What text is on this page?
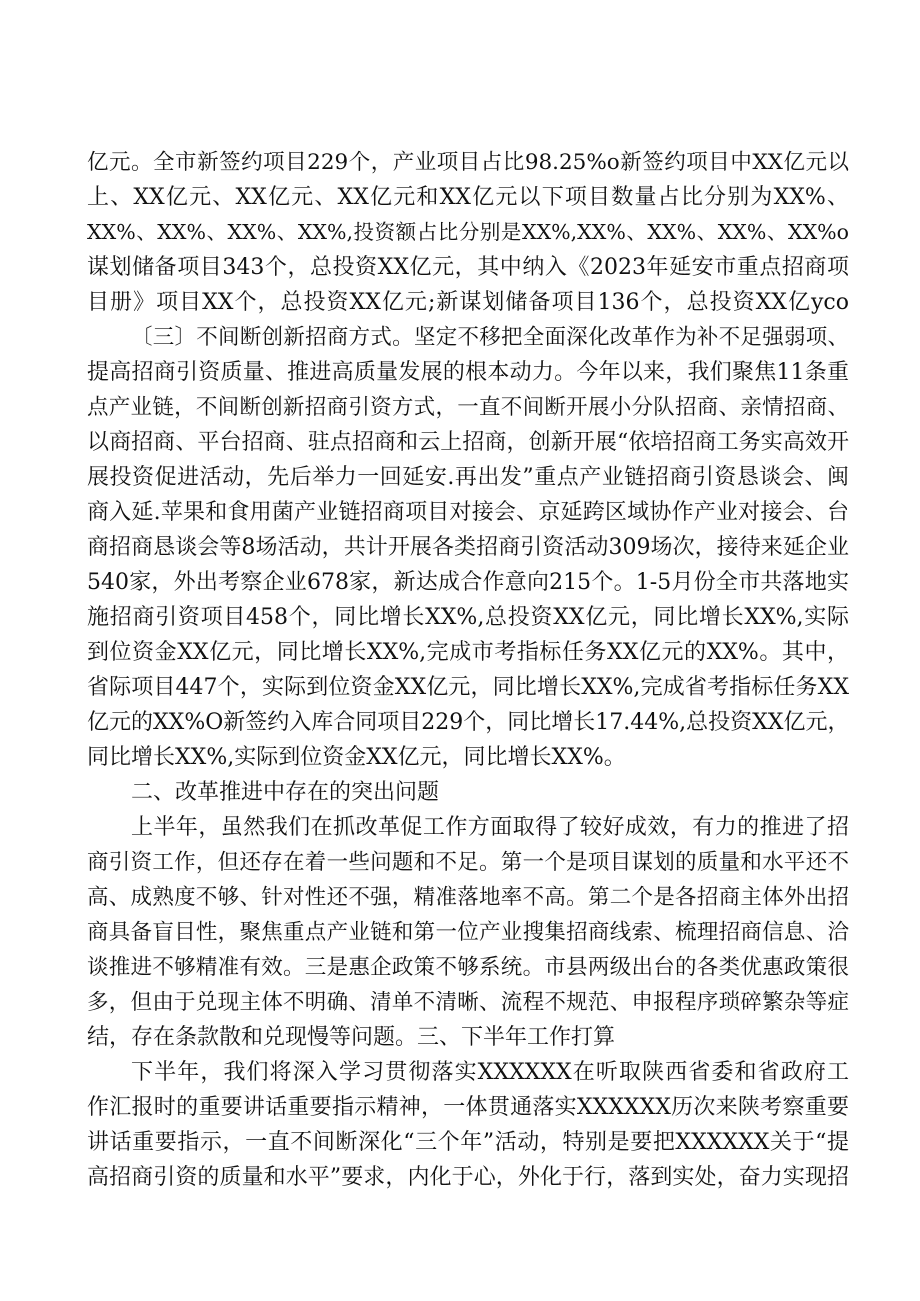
亿元。全市新签约项目229个，产业项目占比98.25%o新签约项目中XX亿元以
上、XX亿元、XX亿元、XX亿元和XX亿元以下项目数量占比分别为XX%、
XX%、XX%、XX%、XX%,投资额占比分别是XX%,XX%、XX%、XX%、XX%o
谋划储备项目343个，总投资XX亿元，其中纳入《2023年延安市重点招商项
目册》项目XX个，总投资XX亿元;新谋划储备项目136个，总投资XX亿yco
〔三〕不间断创新招商方式。坚定不移把全面深化改革作为补不足强弱项、
提高招商引资质量、推进高质量发展的根本动力。今年以来，我们聚焦11条重
点产业链，不间断创新招商引资方式，一直不间断开展小分队招商、亲情招商、
以商招商、平台招商、驻点招商和云上招商，创新开展“依培招商工务实高效开
展投资促进活动，先后举力一回延安.再出发”重点产业链招商引资恳谈会、闽
商入延.苹果和食用菌产业链招商项目对接会、京延跨区域协作产业对接会、台
商招商恳谈会等8场活动，共计开展各类招商引资活动309场次，接待来延企业
540家，外出考察企业678家，新达成合作意向215个。1-5月份全市共落地实
施招商引资项目458个，同比增长XX%,总投资XX亿元，同比增长XX%,实际
到位资金XX亿元，同比增长XX%,完成市考指标任务XX亿元的XX%。其中，
省际项目447个，实际到位资金XX亿元，同比增长XX%,完成省考指标任务XX
亿元的XX%O新签约入库合同项目229个，同比增长17.44%,总投资XX亿元，
同比增长XX%,实际到位资金XX亿元，同比增长XX%。
二、改革推进中存在的突出问题
上半年，虽然我们在抓改革促工作方面取得了较好成效，有力的推进了招
商引资工作，但还存在着一些问题和不足。第一个是项目谋划的质量和水平还不
高、成熟度不够、针对性还不强，精准落地率不高。第二个是各招商主体外出招
商具备盲目性，聚焦重点产业链和第一位产业搜集招商线索、梳理招商信息、洽
谈推进不够精准有效。三是惠企政策不够系统。市县两级出台的各类优惠政策很
多，但由于兑现主体不明确、清单不清晰、流程不规范、申报程序琐碎繁杂等症
结，存在条款散和兑现慢等问题。三、下半年工作打算
下半年，我们将深入学习贯彻落实XXXXXX在听取陕西省委和省政府工
作汇报时的重要讲话重要指示精神，一体贯通落实XXXXXX历次来陕考察重要
讲话重要指示，一直不间断深化“三个年”活动，特别是要把XXXXXX关于“提
高招商引资的质量和水平”要求，内化于心，外化于行，落到实处，奋力实现招
